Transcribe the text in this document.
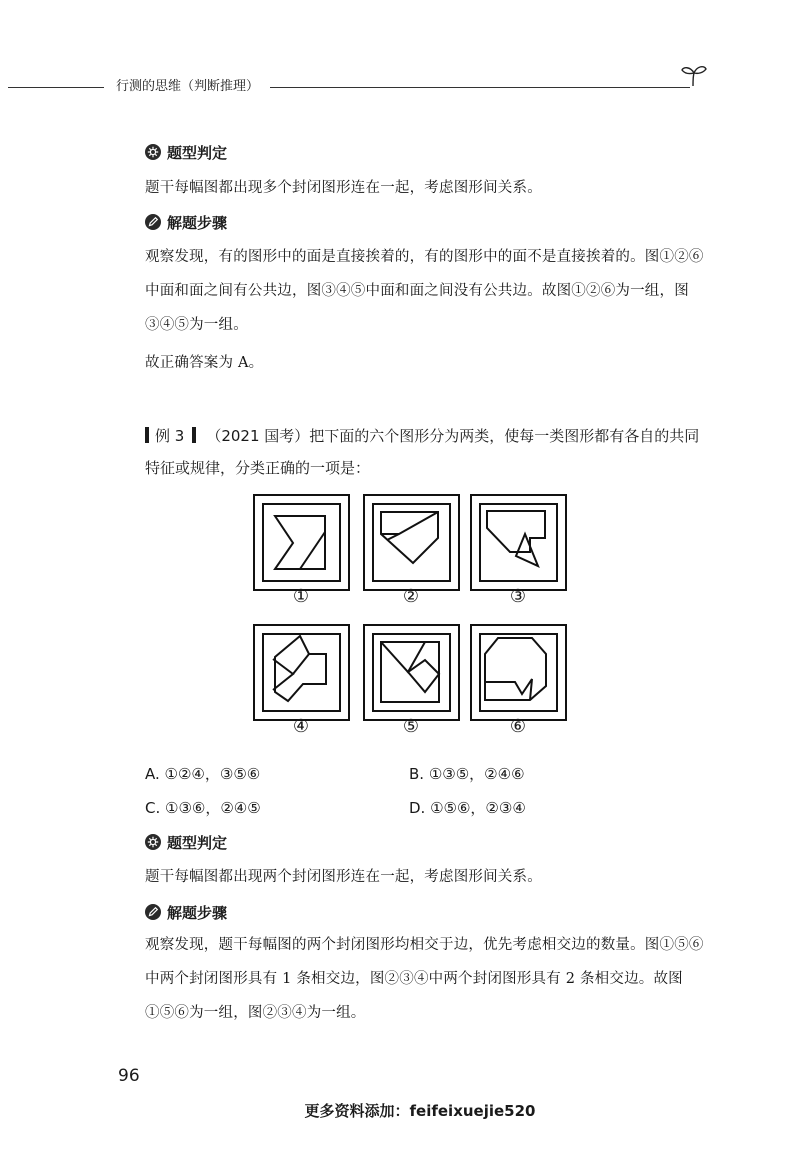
行测的思维（判断推理）
题型判定
题干每幅图都出现多个封闭图形连在一起，考虑图形间关系。
解题步骤
观察发现，有的图形中的面是直接挨着的，有的图形中的面不是直接挨着的。图①②⑥中面和面之间有公共边，图③④⑤中面和面之间没有公共边。故图①②⑥为一组，图③④⑤为一组。
故正确答案为 A。
例 3 （2021 国考）把下面的六个图形分为两类，使每一类图形都有各自的共同特征或规律，分类正确的一项是：
①	②	③
④	⑤	⑥
A. ①②④，③⑤⑥	B. ①③⑤，②④⑥
C. ①③⑥，②④⑤	D. ①⑤⑥，②③④
题型判定
题干每幅图都出现两个封闭图形连在一起，考虑图形间关系。
解题步骤
观察发现，题干每幅图的两个封闭图形均相交于边，优先考虑相交边的数量。图①⑤⑥中两个封闭图形具有 1 条相交边，图②③④中两个封闭图形具有 2 条相交边。故图①⑤⑥为一组，图②③④为一组。
96
更多资料添加：feifeixuejie520
